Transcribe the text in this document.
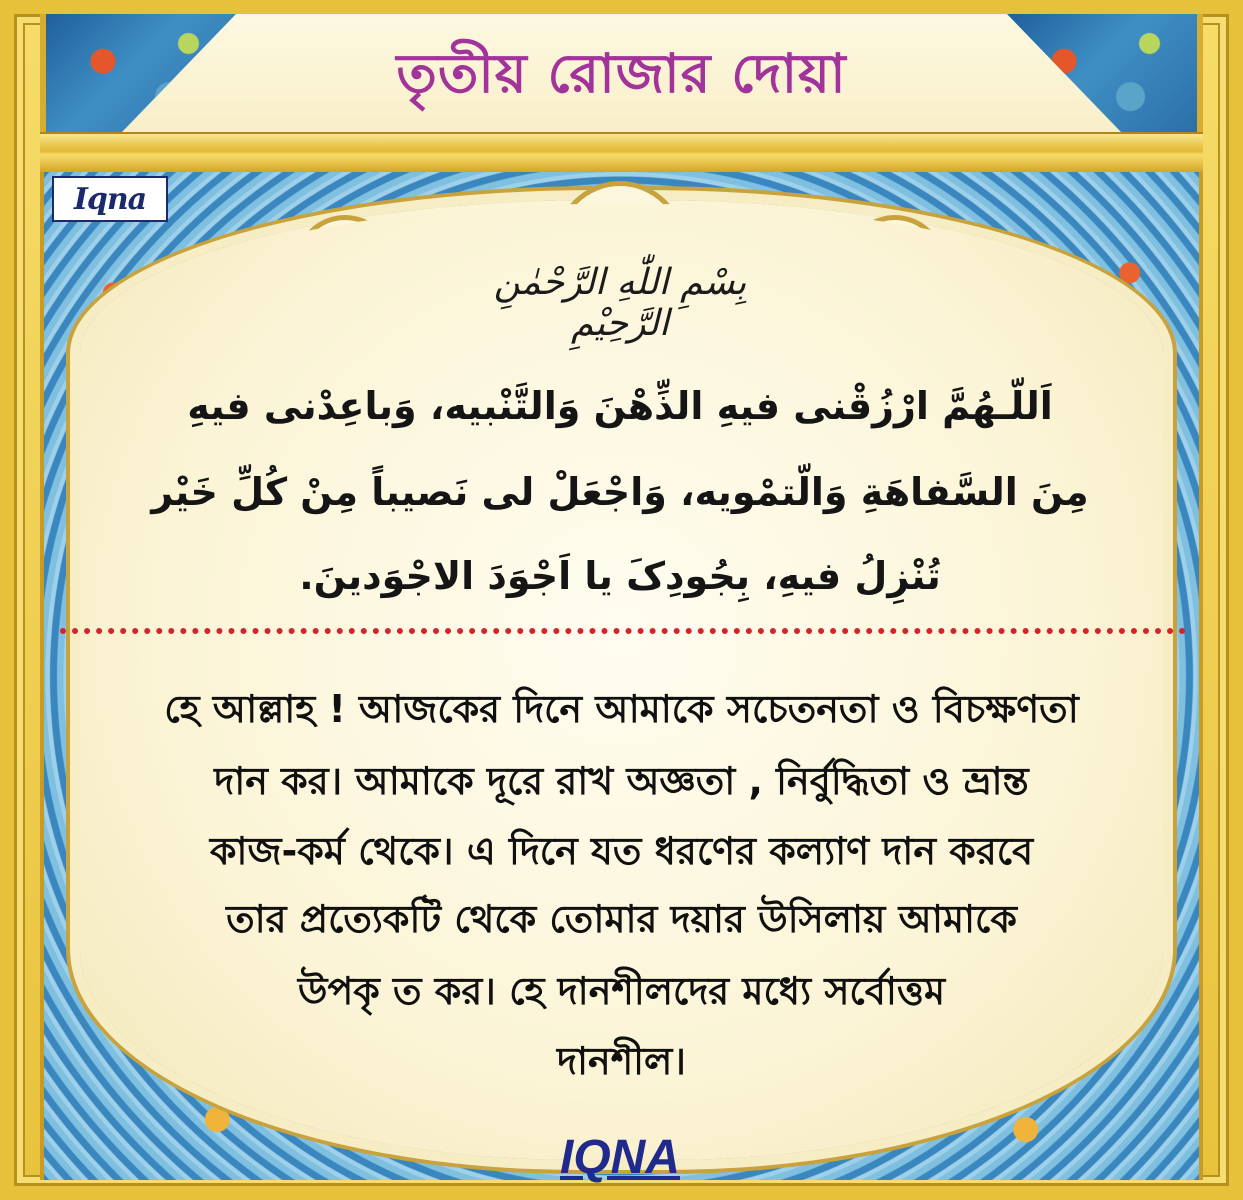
তৃতীয় রোজার দোয়া
Iqna
بِسْمِ اللّٰهِ الرَّحْمٰنِ الرَّحِيْمِ
اَللّـهُمَّ ارْزُقْنى فيهِ الذِّهْنَ وَالتَّنْبيه، وَباعِدْنى فيهِ
مِنَ السَّفاهَةِ وَالّتمْويه، وَاجْعَلْ لى نَصيباً مِنْ كُلِّ خَيْر
تُنْزِلُ فيهِ، بِجُودِکَ يا اَجْوَدَ الاجْوَدينَ.
হে আল্লাহ ! আজকের দিনে আমাকে সচেতনতা ও বিচক্ষণতা
দান কর। আমাকে দূরে রাখ অজ্ঞতা , নির্বুদ্ধিতা ও ভ্রান্ত
কাজ-কর্ম থেকে। এ দিনে যত ধরণের কল্যাণ দান করবে
তার প্রত্যেকটি থেকে তোমার দয়ার উসিলায় আমাকে
উপকৃ ত কর। হে দানশীলদের মধ্যে সর্বোত্তম
দানশীল।
IQNA
